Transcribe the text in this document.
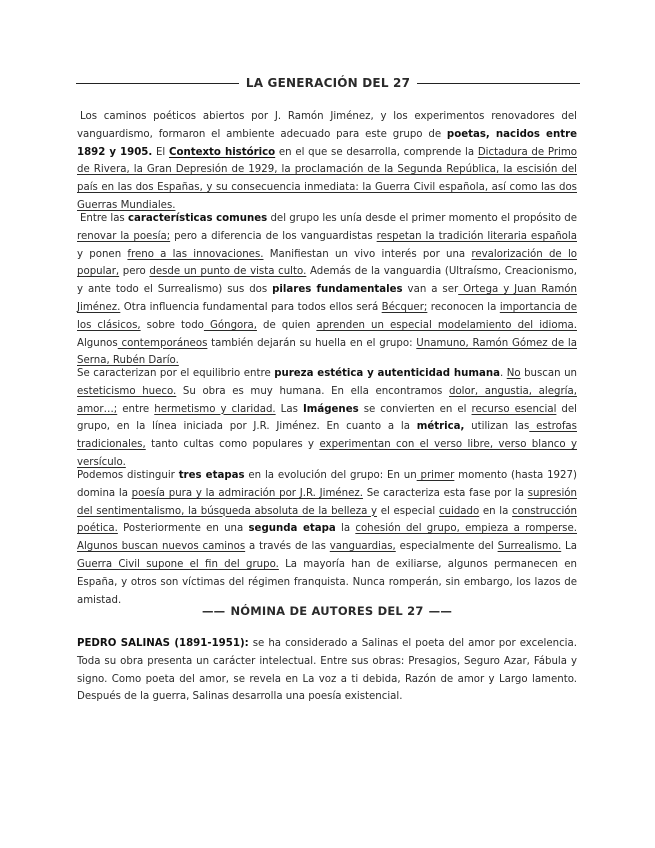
LA GENERACIÓN DEL 27

Los caminos poéticos abiertos por J. Ramón Jiménez, y los experimentos renovadores del vanguardismo, formaron el ambiente adecuado para este grupo de poetas, nacidos entre 1892 y 1905. El Contexto histórico en el que se desarrolla, comprende la Dictadura de Primo de Rivera, la Gran Depresión de 1929, la proclamación de la Segunda República, la escisión del país en las dos Españas, y su consecuencia inmediata: la Guerra Civil española, así como las dos Guerras Mundiales.

Entre las características comunes del grupo les unía desde el primer momento el propósito de renovar la poesía; pero a diferencia de los vanguardistas respetan la tradición literaria española y ponen freno a las innovaciones. Manifiestan un vivo interés por una revalorización de lo popular, pero desde un punto de vista culto. Además de la vanguardia (Ultraísmo, Creacionismo, y ante todo el Surrealismo) sus dos pilares fundamentales van a ser Ortega y Juan Ramón Jiménez. Otra influencia fundamental para todos ellos será Bécquer; reconocen la importancia de los clásicos, sobre todo Góngora, de quien aprenden un especial modelamiento del idioma. Algunos contemporáneos también dejarán su huella en el grupo: Unamuno, Ramón Gómez de la Serna, Rubén Darío.

Se caracterizan por el equilibrio entre pureza estética y autenticidad humana. No buscan un esteticismo hueco. Su obra es muy humana. En ella encontramos dolor, angustia, alegría, amor…; entre hermetismo y claridad. Las Imágenes se convierten en el recurso esencial del grupo, en la línea iniciada por J.R. Jiménez. En cuanto a la métrica, utilizan las estrofas tradicionales, tanto cultas como populares y experimentan con el verso libre, verso blanco y versículo.

Podemos distinguir tres etapas en la evolución del grupo: En un primer momento (hasta 1927) domina la poesía pura y la admiración por J.R. Jiménez. Se caracteriza esta fase por la supresión del sentimentalismo, la búsqueda absoluta de la belleza y el especial cuidado en la construcción poética. Posteriormente en una segunda etapa la cohesión del grupo, empieza a romperse. Algunos buscan nuevos caminos a través de las vanguardias, especialmente del Surrealismo. La Guerra Civil supone el fin del grupo. La mayoría han de exiliarse, algunos permanecen en España, y otros son víctimas del régimen franquista. Nunca romperán, sin embargo, los lazos de amistad.

—— NÓMINA DE AUTORES DEL 27 ——

PEDRO SALINAS (1891-1951): se ha considerado a Salinas el poeta del amor por excelencia. Toda su obra presenta un carácter intelectual. Entre sus obras: Presagios, Seguro Azar, Fábula y signo. Como poeta del amor, se revela en La voz a ti debida, Razón de amor y Largo lamento. Después de la guerra, Salinas desarrolla una poesía existencial.
